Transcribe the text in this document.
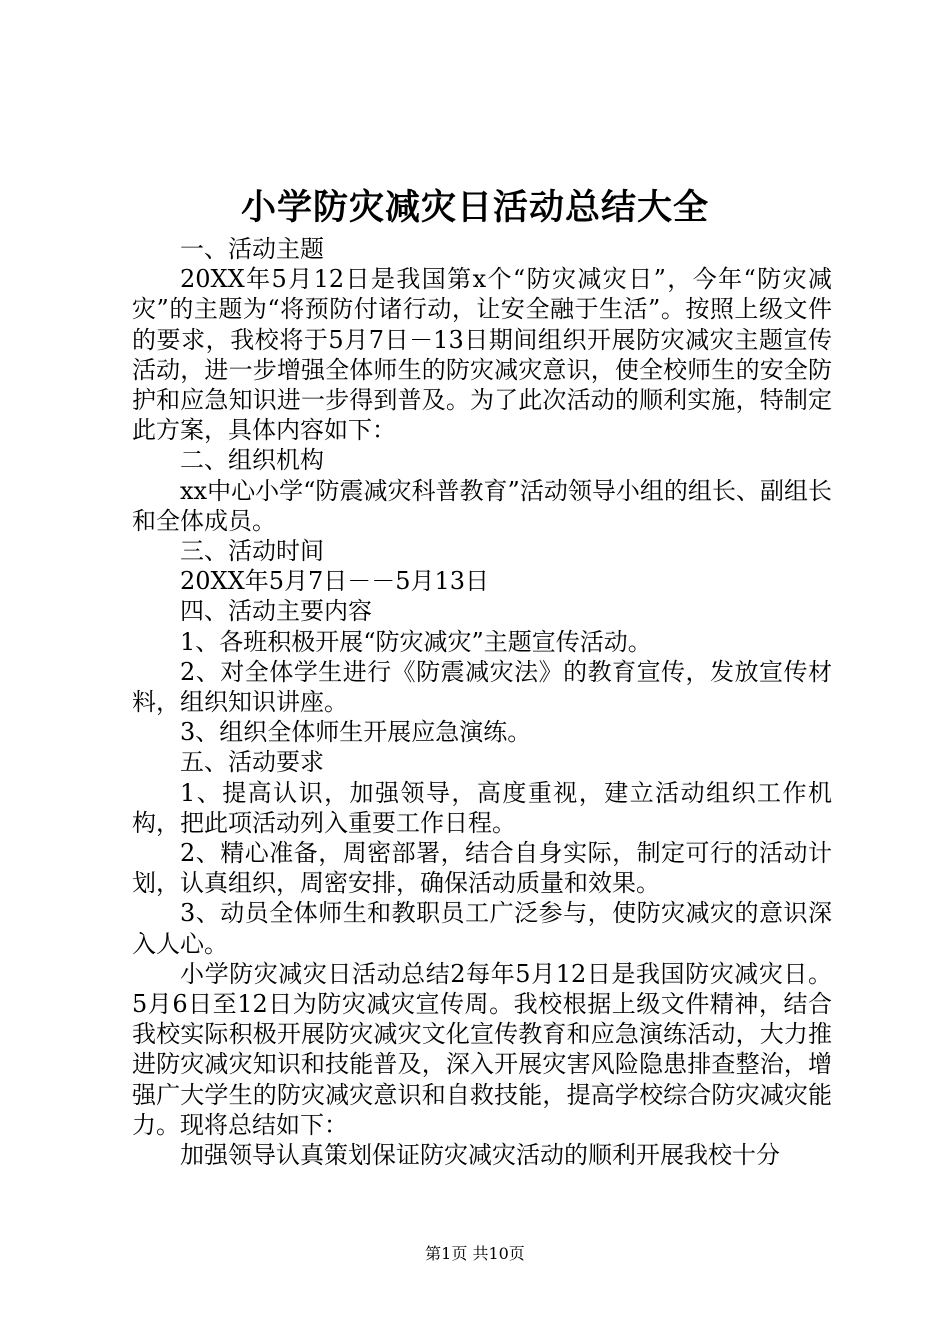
小学防灾减灾日活动总结大全

一、活动主题

20XX年5月12日是我国第x个“防灾减灾日”，今年“防灾减灾”的主题为“将预防付诸行动，让安全融于生活”。按照上级文件的要求，我校将于5月7日－13日期间组织开展防灾减灾主题宣传活动，进一步增强全体师生的防灾减灾意识，使全校师生的安全防护和应急知识进一步得到普及。为了此次活动的顺利实施，特制定此方案，具体内容如下：

二、组织机构

xx中心小学“防震减灾科普教育”活动领导小组的组长、副组长和全体成员。

三、活动时间

20XX年5月7日－－5月13日

四、活动主要内容

1、各班积极开展“防灾减灾”主题宣传活动。

2、对全体学生进行《防震减灾法》的教育宣传，发放宣传材料，组织知识讲座。

3、组织全体师生开展应急演练。

五、活动要求

1、提高认识，加强领导，高度重视，建立活动组织工作机构，把此项活动列入重要工作日程。

2、精心准备，周密部署，结合自身实际，制定可行的活动计划，认真组织，周密安排，确保活动质量和效果。

3、动员全体师生和教职员工广泛参与，使防灾减灾的意识深入人心。

小学防灾减灾日活动总结2每年5月12日是我国防灾减灾日。5月6日至12日为防灾减灾宣传周。我校根据上级文件精神，结合我校实际积极开展防灾减灾文化宣传教育和应急演练活动，大力推进防灾减灾知识和技能普及，深入开展灾害风险隐患排查整治，增强广大学生的防灾减灾意识和自救技能，提高学校综合防灾减灾能力。现将总结如下：

加强领导认真策划保证防灾减灾活动的顺利开展我校十分

第1页 共10页
